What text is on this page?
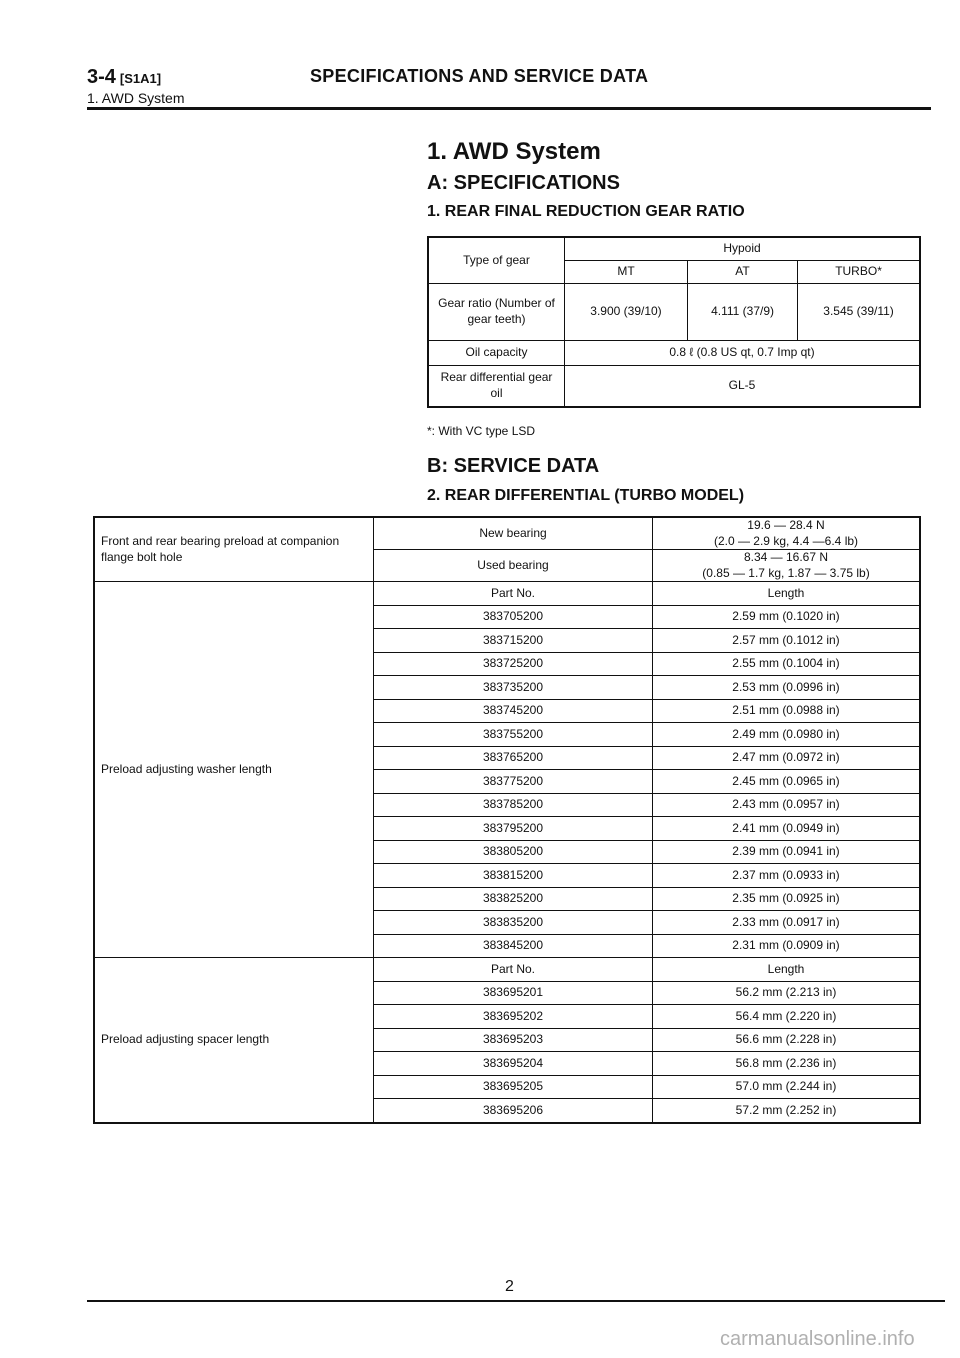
3-4 [S1A1]
1. AWD System
SPECIFICATIONS AND SERVICE DATA
1. AWD System
A: SPECIFICATIONS
1. REAR FINAL REDUCTION GEAR RATIO
Type of gear	Hypoid		
	MT	AT	TURBO*
Gear ratio (Number of gear teeth)	3.900 (39/10)	4.111 (37/9)	3.545 (39/11)
Oil capacity	0.8 ℓ (0.8 US qt, 0.7 Imp qt)		
Rear differential gear oil	GL-5		
*: With VC type LSD
B: SERVICE DATA
2. REAR DIFFERENTIAL (TURBO MODEL)
Front and rear bearing preload at companion flange bolt hole	New bearing	19.6 — 28.4 N
(2.0 — 2.9 kg, 4.4 —6.4 lb)

	Used bearing	8.34 — 16.67 N
(0.85 — 1.7 kg, 1.87 — 3.75 lb)

Preload adjusting washer length	Part No.	Length
	383705200	2.59 mm (0.1020 in)
	383715200	2.57 mm (0.1012 in)
	383725200	2.55 mm (0.1004 in)
	383735200	2.53 mm (0.0996 in)
	383745200	2.51 mm (0.0988 in)
	383755200	2.49 mm (0.0980 in)
	383765200	2.47 mm (0.0972 in)
	383775200	2.45 mm (0.0965 in)
	383785200	2.43 mm (0.0957 in)
	383795200	2.41 mm (0.0949 in)
	383805200	2.39 mm (0.0941 in)
	383815200	2.37 mm (0.0933 in)
	383825200	2.35 mm (0.0925 in)
	383835200	2.33 mm (0.0917 in)
	383845200	2.31 mm (0.0909 in)
Preload adjusting spacer length	Part No.	Length
	383695201	56.2 mm (2.213 in)
	383695202	56.4 mm (2.220 in)
	383695203	56.6 mm (2.228 in)
	383695204	56.8 mm (2.236 in)
	383695205	57.0 mm (2.244 in)
	383695206	57.2 mm (2.252 in)
2
carmanualsonline.info
